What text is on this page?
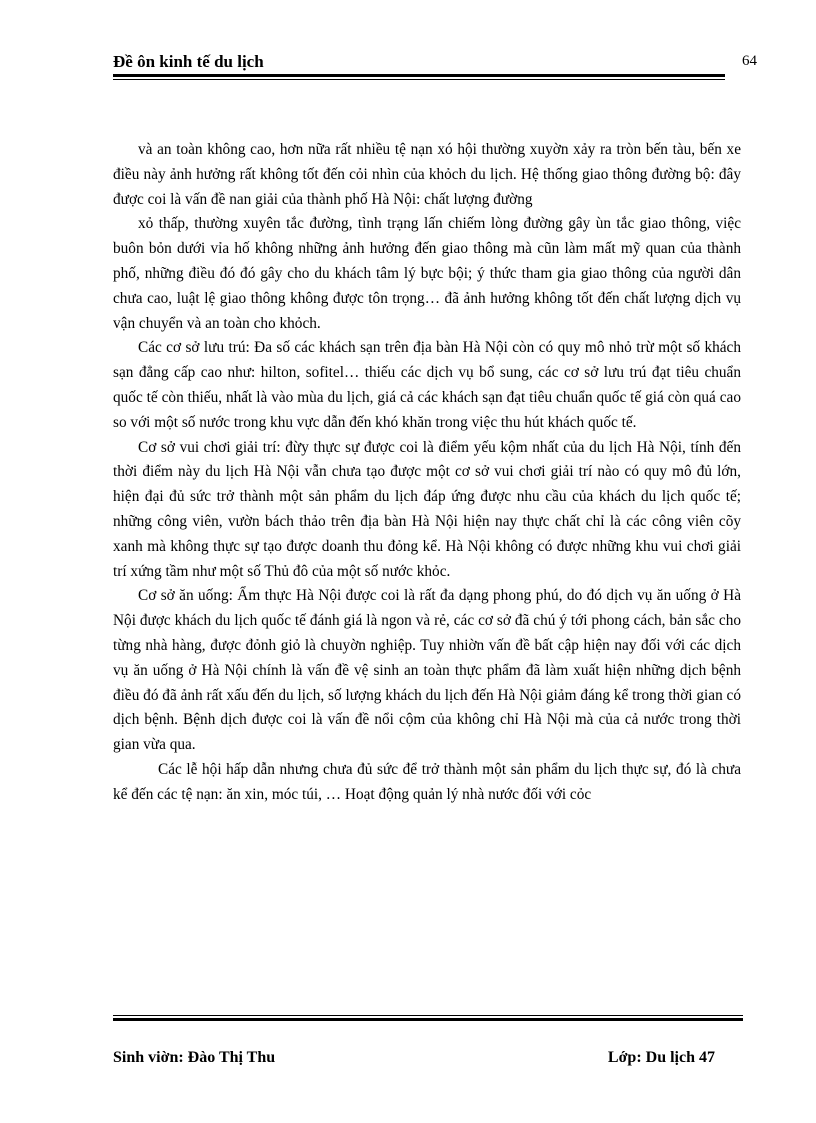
Đề ôn kinh tế du lịch	64

và an toàn không cao, hơn nữa rất nhiều tệ nạn xó hội thường xuyờn xảy ra tròn bến tàu, bến xe điều này ảnh hưởng rất không tốt đến cỏi nhìn của khỏch du lịch. Hệ thống giao thông đường bộ: đây được coi là vấn đề nan giải của thành phố Hà Nội: chất lượng đường

xỏ thấp, thường xuyên tắc đường, tình trạng lấn chiếm lòng đường gây ùn tắc giao thông, việc buôn bỏn dưới vỉa hố không những ảnh hưởng đến giao thông mà cũn làm mất mỹ quan của thành phố, những điều đó đó gây cho du khách tâm lý bực bội; ý thức tham gia giao thông của người dân chưa cao, luật lệ giao thông không được tôn trọng… đã ảnh hưởng không tốt đến chất lượng dịch vụ vận chuyển và an toàn cho khỏch.

Các cơ sở lưu trú: Đa số các khách sạn trên địa bàn Hà Nội còn có quy mô nhỏ trừ một số khách sạn đẳng cấp cao như: hilton, sofitel… thiếu các dịch vụ bổ sung, các cơ sở lưu trú đạt tiêu chuẩn quốc tế còn thiếu, nhất là vào mùa du lịch, giá cả các khách sạn đạt tiêu chuẩn quốc tế giá còn quá cao so với một số nước trong khu vực dẫn đến khó khăn trong việc thu hút khách quốc tế.

Cơ sở vui chơi giải trí: đừy thực sự được coi là điểm yếu kộm nhất của du lịch Hà Nội, tính đến thời điểm này du lịch Hà Nội vẫn chưa tạo được một cơ sở vui chơi giải trí nào có quy mô đủ lớn, hiện đại đủ sức trở thành một sản phẩm du lịch đáp ứng được nhu cầu của khách du lịch quốc tế; những công viên, vườn bách thảo trên địa bàn Hà Nội hiện nay thực chất chỉ là các công viên cõy xanh mà không thực sự tạo được doanh thu đỏng kể. Hà Nội không có được những khu vui chơi giải trí xứng tầm như một số Thủ đô của một số nước khỏc.

Cơ sở ăn uống: Ẩm thực Hà Nội được coi là rất đa dạng phong phú, do đó dịch vụ ăn uống ở Hà Nội được khách du lịch quốc tế đánh giá là ngon và rẻ, các cơ sở đã chú ý tới phong cách, bản sắc cho từng nhà hàng, được đỏnh giỏ là chuyờn nghiệp. Tuy nhiờn vấn đề bất cập hiện nay đối với các dịch vụ ăn uống ở Hà Nội chính là vấn đề vệ sinh an toàn thực phẩm đã làm xuất hiện những dịch bệnh điều đó đã ảnh rất xấu đến du lịch, số lượng khách du lịch đến Hà Nội giảm đáng kể trong thời gian có dịch bệnh. Bệnh dịch được coi là vấn đề nổi cộm của không chỉ Hà Nội mà của cả nước trong thời gian vừa qua.

Các lễ hội hấp dẫn nhưng chưa đủ sức để trở thành một sản phẩm du lịch thực sự, đó là chưa kể đến các tệ nạn: ăn xin, móc túi, … Hoạt động quản lý nhà nước đối với cỏc

Sinh viờn: Đào Thị Thu	Lớp: Du lịch 47
